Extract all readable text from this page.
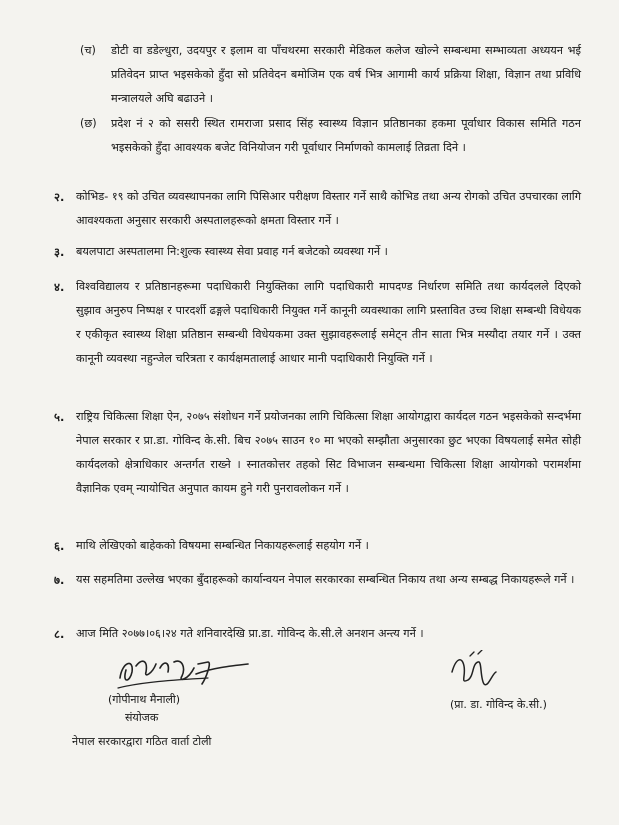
(च) डोटी वा डडेल्धुरा, उदयपुर र इलाम वा पाँचथरमा सरकारी मेडिकल कलेज खोल्ने सम्बन्धमा सम्भाव्यता अध्ययन भई प्रतिवेदन प्राप्त भइसकेको हुँदा सो प्रतिवेदन बमोजिम एक वर्ष भित्र आगामी कार्य प्रक्रिया शिक्षा, विज्ञान तथा प्रविधि मन्त्रालयले अघि बढाउने ।
(छ) प्रदेश नं २ को ससरी स्थित रामराजा प्रसाद सिंह स्वास्थ्य विज्ञान प्रतिष्ठानका हकमा पूर्वाधार विकास समिति गठन भइसकेको हुँदा आवश्यक बजेट विनियोजन गरी पूर्वाधार निर्माणको कामलाई तिव्रता दिने ।
२. कोभिड- १९ को उचित व्यवस्थापनका लागि पिसिआर परीक्षण विस्तार गर्ने साथै कोभिड तथा अन्य रोगको उचित उपचारका लागि आवश्यकता अनुसार सरकारी अस्पतालहरूको क्षमता विस्तार गर्ने ।
३. बयलपाटा अस्पतालमा नि:शुल्क स्वास्थ्य सेवा प्रवाह गर्न बजेटको व्यवस्था गर्ने ।
४. विश्वविद्यालय र प्रतिष्ठानहरूमा पदाधिकारी नियुक्तिका लागि पदाधिकारी मापदण्ड निर्धारण समिति तथा कार्यदलले दिएको सुझाव अनुरुप निष्पक्ष र पारदर्शी ढङ्गले पदाधिकारी नियुक्त गर्ने कानूनी व्यवस्थाका लागि प्रस्तावित उच्च शिक्षा सम्बन्धी विधेयक र एकीकृत स्वास्थ्य शिक्षा प्रतिष्ठान सम्बन्धी विधेयकमा उक्त सुझावहरूलाई समेट्न तीन साता भित्र मस्यौदा तयार गर्ने । उक्त कानूनी व्यवस्था नहुन्जेल चरित्रता र कार्यक्षमतालाई आधार मानी पदाधिकारी नियुक्ति गर्ने ।
५. राष्ट्रिय चिकित्सा शिक्षा ऐन, २०७५ संशोधन गर्ने प्रयोजनका लागि चिकित्सा शिक्षा आयोगद्वारा कार्यदल गठन भइसकेको सन्दर्भमा नेपाल सरकार र प्रा.डा. गोविन्द के.सी. बिच २०७५ साउन १० मा भएको सम्झौता अनुसारका छुट भएका विषयलाई समेत सोही कार्यदलको क्षेत्राधिकार अन्तर्गत राख्ने । स्नातकोत्तर तहको सिट विभाजन सम्बन्धमा चिकित्सा शिक्षा आयोगको परामर्शमा वैज्ञानिक एवम् न्यायोचित अनुपात कायम हुने गरी पुनरावलोकन गर्ने ।
६. माथि लेखिएको बाहेकको विषयमा सम्बन्धित निकायहरूलाई सहयोग गर्ने ।
७. यस सहमतिमा उल्लेख भएका बुँदाहरूको कार्यान्वयन नेपाल सरकारका सम्बन्धित निकाय तथा अन्य सम्बद्ध निकायहरूले गर्ने ।
८. आज मिति २०७७।०६।२४ गते शनिवारदेखि प्रा.डा. गोविन्द के.सी.ले अनशन अन्त्य गर्ने ।
(गोपीनाथ मैनाली)
संयोजक
नेपाल सरकारद्वारा गठित वार्ता टोली
(प्रा. डा. गोविन्द के.सी.)
